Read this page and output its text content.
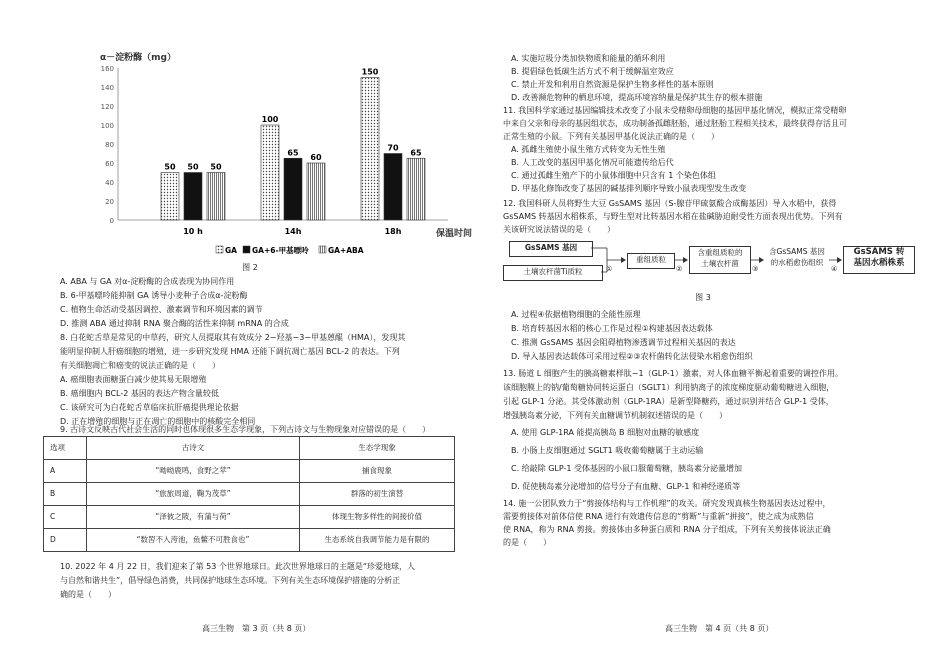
α－淀粉酶（mg）
0
20
40
60
80
100
120
140
160
50 50 50
100
65
60
150
70
65
10 h	14h	18h	保温时间
GA GA+6-甲基嘌呤	GA+ABA

图 2

A. ABA 与 GA 对α-淀粉酶的合成表现为协同作用

B. 6-甲基嘌呤能抑制 GA 诱导小麦种子合成α-淀粉酶

C. 植物生命活动受基因调控、激素调节和环境因素的调节

D. 推测 ABA 通过抑制 RNA 聚合酶的活性来抑制 mRNA 的合成

8. 白花蛇舌草是常见的中草药，研究人员提取其有效成分 2−羟基−3−甲基蒽醌（HMA），发现其

能明显抑制人肝癌细胞的增殖，进一步研究发现 HMA 还能下调抗凋亡基因 BCL-2 的表达。下列

有关细胞凋亡和癌变的说法正确的是（　　）

A. 癌细胞表面糖蛋白减少使其易无限增殖

B. 癌细胞内 BCL-2 基因的表达产物含量较低

C. 该研究可为白花蛇舌草临床抗肝癌提供理论依据

D. 正在增殖的细胞与正在凋亡的细胞中的核酸完全相同

9. 古诗文反映古代社会生活的同时也体现很多生态学现象，下列古诗文与生物现象对应错误的是（　　）

10. 2022 年 4 月 22 日，我们迎来了第 53 个世界地球日。此次世界地球日的主题是“珍爱地球，人

与自然和谐共生”，倡导绿色消费，共同保护地球生态环境。下列有关生态环境保护措施的分析正

确的是（　　）

选项	古诗文	生态学现象
A	“呦呦鹿鸣，食野之苹”	捕食现象
B	“旅旅周道，鞠为茂草”	群落的初生演替
C	“泽彼之陂，有蒲与荷”	体现生物多样性的间接价值
D	“数罟不入洿池，鱼鳖不可胜食也”	生态系统自我调节能力是有限的

高三生物　第 3 页（共 8 页）

A. 实施垃圾分类加快物质和能量的循环利用

B. 提倡绿色低碳生活方式不利于缓解温室效应

C. 禁止开发和利用自然资源是保护生物多样性的基本原则

D. 改善濒危物种的栖息环境，提高环境容纳量是保护其生存的根本措施

11. 我国科学家通过基因编辑技术改变了小鼠未受精卵母细胞的基因甲基化情况，模拟正常受精卵

中来自父亲和母亲的基因组状态，成功制备孤雌胚胎，通过胚胎工程相关技术，最终获得存活且可

正常生殖的小鼠。下列有关基因甲基化说法正确的是（　　）

A. 孤雌生殖使小鼠生殖方式转变为无性生殖

B. 人工改变的基因甲基化情况可能遗传给后代

C. 通过孤雌生殖产下的小鼠体细胞中只含有 1 个染色体组

D. 甲基化修饰改变了基因的碱基排列顺序导致小鼠表现型发生改变

12. 我国科研人员将野生大豆 GsSAMS 基因（S-腺苷甲硫氨酸合成酶基因）导入水稻中，获得

GsSAMS 转基因水稻株系，与野生型对比转基因水稻在盐碱胁迫耐受性方面表现出优势。下列有

关该研究说法错误的是（　　）

图 3

A. 过程④依据植物细胞的全能性原理

B. 培育转基因水稻的核心工作是过程①构建基因表达载体

C. 推测 GsSAMS 基因会阻碍植物渗透调节过程相关基因的表达

D. 导入基因表达载体可采用过程②③农杆菌转化法侵染水稻愈伤组织

13. 肠道 L 细胞产生的胰高糖素样肽−1（GLP-1）激素，对人体血糖平衡起着重要的调控作用。

该细胞膜上的钠/葡萄糖协同转运蛋白（SGLT1）利用钠离子的浓度梯度驱动葡萄糖进入细胞，

引起 GLP-1 分泌。其受体激动剂（GLP-1RA）是新型降糖药，通过识别并结合 GLP-1 受体，

增强胰岛素分泌，下列有关血糖调节机制叙述错误的是（　　）

A. 使用 GLP-1RA 能提高胰岛 B 细胞对血糖的敏感度

B. 小肠上皮细胞通过 SGLT1 吸收葡萄糖属于主动运输

C. 给敲除 GLP-1 受体基因的小鼠口服葡萄糖，胰岛素分泌量增加

D. 促使胰岛素分泌增加的信号分子有血糖、GLP-1 和神经递质等

14. 施一公团队致力于“剪接体结构与工作机理”的攻关。研究发现真核生物基因表达过程中，

需要剪接体对前体信使 RNA 进行有效遗传信息的“剪断”与重新“拼接”，使之成为成熟信

使 RNA，称为 RNA 剪接。剪接体由多种蛋白质和 RNA 分子组成，下列有关剪接体说法正确

的是（　　）

GsSAMS 基因
土壤农杆菌Ti质粒	①
重组质粒
②
含重组质粒的
土壤农杆菌
③
含GsSAMS 基因
的水稻愈伤组织
④
GsSAMS 转
基因水稻株系

高三生物　第 4 页（共 8 页）
